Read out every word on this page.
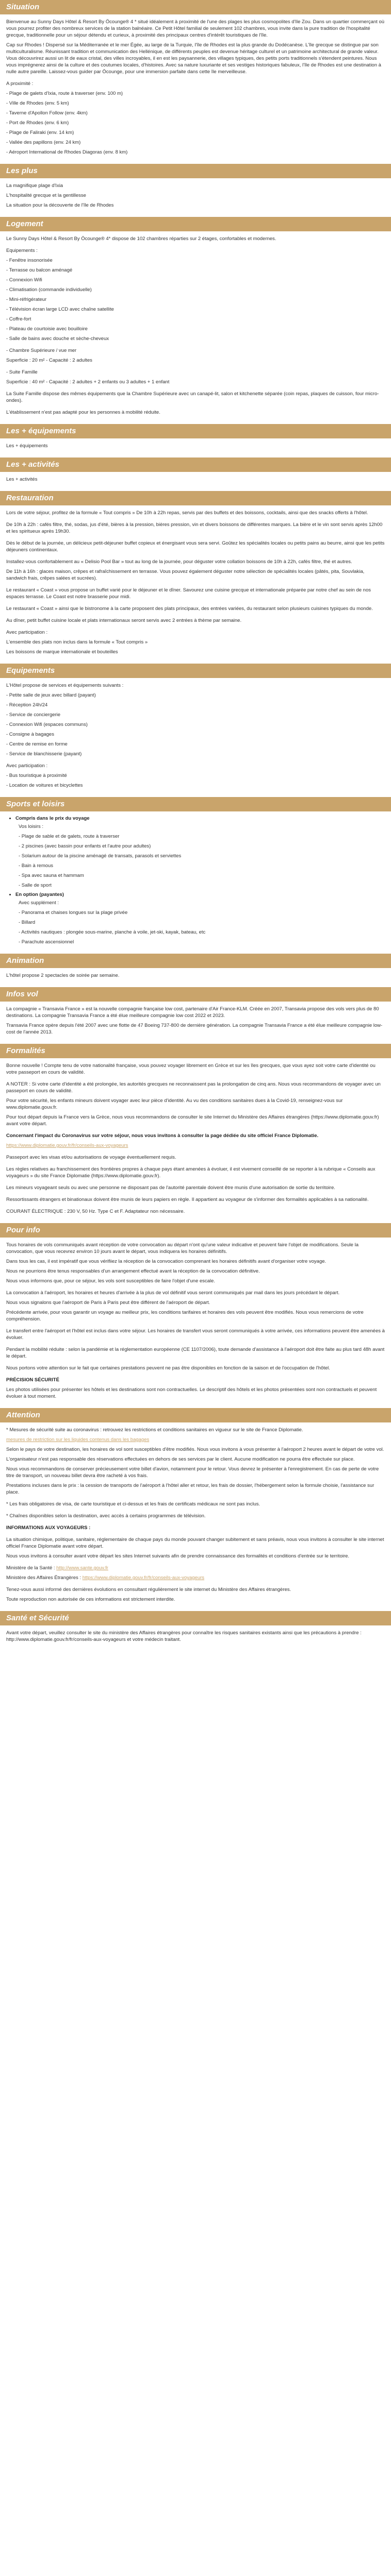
Situation

Bienvenue au Sunny Days Hôtel & Resort By Öcounge® 4 * situé idéalement à proximité de l'une des plages les plus cosmopolites d'Ile Zou. Dans un quartier commerçant où vous pourrez profiter des nombreux services de la station balnéaire. Ce Petit Hôtel familial de seulement 102 chambres, vous invite dans la pure tradition de l'hospitalité grecque, traditionnelle pour un séjour détendu et curieux, à proximité des principaux centres d'intérêt touristiques de l'île.

Cap sur Rhodes ! Dispersé sur la Méditerranée et le mer Égée, au large de la Turquie, l'île de Rhodes est la plus grande du Dodécanèse. L'île grecque se distingue par son multiculturalisme. Réunissant tradition et communication des Hellénique, de différents peuples est devenue héritage culturel et un patrimoine architectural de grande valeur. Vous découvrirez aussi un lit de eaux cristal, des villes incroyables, il en est les paysannerie, des villages typiques, des petits ports traditionnels s'étendent peintures. Nous vous imprégnerez ainsi de la culture et des coutumes locales, d'histoires. Avec sa nature luxuriante et ses vestiges historiques fabuleux, l'île de Rhodes est une destination à nulle autre pareille. Laissez-vous guider par Öcounge, pour une immersion parfaite dans cette île merveilleuse.

A proximité :

- Plage de galets d'Ixia, route à traverser (env. 100 m)

- Ville de Rhodes (env. 5 km)

- Taverne d'Apollon Follow (env. 4km)

- Port de Rhodes (env. 6 km)

- Plage de Faliraki (env. 14 km)

- Vallée des papillons (env. 24 km)

- Aéroport International de Rhodes Diagoras (env. 8 km)

Les plus

La magnifique plage d'Ixia

L'hospitalité grecque et la gentillesse

La situation pour la découverte de l'île de Rhodes

Logement

Le Sunny Days Hôtel & Resort By Öcounge® 4* dispose de 102 chambres réparties sur 2 étages, confortables et modernes.

Equipements :

- Fenêtre insonorisée

- Terrasse ou balcon aménagé

- Connexion Wifi

- Climatisation (commande individuelle)

- Mini-réfrigérateur

- Télévision écran large LCD avec chaîne satellite

- Coffre-fort

- Plateau de courtoisie avec bouilloire

- Salle de bains avec douche et sèche-cheveux

- Chambre Supérieure / vue mer

Superficie : 20 m² - Capacité : 2 adultes

- Suite Famille

Superficie : 40 m² - Capacité : 2 adultes + 2 enfants ou 3 adultes + 1 enfant

La Suite Famille dispose des mêmes équipements que la Chambre Supérieure avec un canapé-lit, salon et kitchenette séparée (coin repas, plaques de cuisson, four micro-ondes).

L'établissement n'est pas adapté pour les personnes à mobilité réduite.

Les + équipements

Les + équipements

Les + activités

Les + activités

Restauration

Lors de votre séjour, profitez de la formule « Tout compris » De 10h à 22h repas, servis par des buffets et des boissons, cocktails, ainsi que des snacks offerts à l'hôtel.

De 10h à 22h : cafés filtre, thé, sodas, jus d'été, bières à la pression, bières pression, vin et divers boissons de différentes marques. La bière et le vin sont servis après 12h00 et les spiritueux après 19h30.

Dès le début de la journée, un délicieux petit-déjeuner buffet copieux et énergisant vous sera servi. Goûtez les spécialités locales ou petits pains au beurre, ainsi que les petits déjeuners continentaux.

Installez-vous confortablement au « Delisio Pool Bar » tout au long de la journée, pour déguster votre collation boissons de 10h à 22h, cafés filtre, thé et autres.

De 11h à 16h : glaces maison, crêpes et rafraîchissement en terrasse. Vous pouvez également déguster notre sélection de spécialités locales (pâtés, pita, Souvlakia, sandwich frais, crêpes salées et sucrées).

Le restaurant « Coast » vous propose un buffet varié pour le déjeuner et le dîner. Savourez une cuisine grecque et internationale préparée par notre chef au sein de nos espaces terrasse. Le Coast est notre brasserie pour midi.

Le restaurant « Coast » ainsi que le bistronome à la carte proposent des plats principaux, des entrées variées, du restaurant selon plusieurs cuisines typiques du monde.

Au dîner, petit buffet cuisine locale et plats internationaux seront servis avec 2 entrées à thème par semaine.

Avec participation :

L'ensemble des plats non inclus dans la formule « Tout compris »

Les boissons de marque internationale et bouteilles

Equipements

L'Hôtel propose de services et équipements suivants :

- Petite salle de jeux avec billard (payant)

- Réception 24h/24

- Service de conciergerie

- Connexion Wifi (espaces communs)

- Consigne à bagages

- Centre de remise en forme

- Service de blanchisserie (payant)

Avec participation :

- Bus touristique à proximité

- Location de voitures et bicyclettes

Sports et loisirs
• Compris dans le prix du voyage

Vos loisirs :

- Plage de sable et de galets, route à traverser

- 2 piscines (avec bassin pour enfants et l'autre pour adultes)

- Solarium autour de la piscine aménagé de transats, parasols et serviettes

- Bain à remous

- Spa avec sauna et hammam

- Salle de sport

• En option (payantes)

Avec supplément :

- Panorama et chaises longues sur la plage privée

- Billard

- Activités nautiques : plongée sous-marine, planche à voile, jet-ski, kayak, bateau, etc

- Parachute ascensionnel

Animation

L'hôtel propose 2 spectacles de soirée par semaine.

Infos vol

La compagnie « Transavia France » est la nouvelle compagnie française low cost, partenaire d'Air France-KLM. Créée en 2007, Transavia propose des vols vers plus de 80 destinations. La compagnie Transavia France a été élue meilleure compagnie low cost 2022 et 2023.

Transavia France opère depuis l'été 2007 avec une flotte de 47 Boeing 737-800 de dernière génération. La compagnie Transavia France a été élue meilleure compagnie low-cost de l'année 2013.

Formalités

Bonne nouvelle ! Compte tenu de votre nationalité française, vous pouvez voyager librement en Grèce et sur les îles grecques, que vous ayez soit votre carte d'identité ou votre passeport en cours de validité.

A NOTER : Si votre carte d'identité a été prolongée, les autorités grecques ne reconnaissent pas la prolongation de cinq ans. Nous vous recommandons de voyager avec un passeport en cours de validité.

Pour votre sécurité, les enfants mineurs doivent voyager avec leur pièce d'identité. Au vu des conditions sanitaires dues à la Covid-19, renseignez-vous sur www.diplomatie.gouv.fr.

Pour tout départ depuis la France vers la Grèce, nous vous recommandons de consulter le site Internet du Ministère des Affaires étrangères (https://www.diplomatie.gouv.fr) avant votre départ.

Concernant l'impact du Coronavirus sur votre séjour, nous vous invitons à consulter la page dédiée du site officiel France Diplomatie.

https://www.diplomatie.gouv.fr/fr/conseils-aux-voyageurs

Passeport avec les visas et/ou autorisations de voyage éventuellement requis.

Les règles relatives au franchissement des frontières propres à chaque pays étant amenées à évoluer, il est vivement conseillé de se reporter à la rubrique « Conseils aux voyageurs » du site France Diplomatie (https://www.diplomatie.gouv.fr).

Les mineurs voyageant seuls ou avec une personne ne disposant pas de l'autorité parentale doivent être munis d'une autorisation de sortie du territoire.

Ressortissants étrangers et binationaux doivent être munis de leurs papiers en règle. Il appartient au voyageur de s'informer des formalités applicables à sa nationalité.

COURANT ÉLECTRIQUE : 230 V, 50 Hz. Type C et F. Adaptateur non nécessaire.

Pour info

Tous horaires de vols communiqués avant réception de votre convocation au départ n'ont qu'une valeur indicative et peuvent faire l'objet de modifications. Seule la convocation, que vous recevrez environ 10 jours avant le départ, vous indiquera les horaires définitifs.

Dans tous les cas, il est impératif que vous vérifiiez la réception de la convocation comprenant les horaires définitifs avant d'organiser votre voyage.

Nous ne pourrions être tenus responsables d'un arrangement effectué avant la réception de la convocation définitive.

Nous vous informons que, pour ce séjour, les vols sont susceptibles de faire l'objet d'une escale.

La convocation à l'aéroport, les horaires et heures d'arrivée à la plus de vol définitif vous seront communiqués par mail dans les jours précédant le départ.

Nous vous signalons que l'aéroport de Paris à Paris peut être différent de l'aéroport de départ.

Précédente arrivée, pour vous garantir un voyage au meilleur prix, les conditions tarifaires et horaires des vols peuvent être modifiés. Nous vous remercions de votre compréhension.

Le transfert entre l'aéroport et l'hôtel est inclus dans votre séjour. Les horaires de transfert vous seront communiqués à votre arrivée, ces informations peuvent être amenées à évoluer.

Pendant la mobilité réduite : selon la pandémie et la réglementation européenne (CE 1107/2006), toute demande d'assistance à l'aéroport doit être faite au plus tard 48h avant le départ.

Nous portons votre attention sur le fait que certaines prestations peuvent ne pas être disponibles en fonction de la saison et de l'occupation de l'hôtel.

PRÉCISION SÉCURITÉ

Les photos utilisées pour présenter les hôtels et les destinations sont non contractuelles. Le descriptif des hôtels et les photos présentées sont non contractuels et peuvent évoluer à tout moment.

Attention

* Mesures de sécurité suite au coronavirus : retrouvez les restrictions et conditions sanitaires en vigueur sur le site de France Diplomatie.

mesures de restriction sur les liquides contenus dans les bagages

Selon le pays de votre destination, les horaires de vol sont susceptibles d'être modifiés. Nous vous invitons à vous présenter à l'aéroport 2 heures avant le départ de votre vol.

L'organisateur n'est pas responsable des réservations effectuées en dehors de ses services par le client. Aucune modification ne pourra être effectuée sur place.

Nous vous recommandons de conserver précieusement votre billet d'avion, notamment pour le retour. Vous devrez le présenter à l'enregistrement. En cas de perte de votre titre de transport, un nouveau billet devra être racheté à vos frais.

Prestations incluses dans le prix : la cession de transports de l'aéroport à l'hôtel aller et retour, les frais de dossier, l'hébergement selon la formule choisie, l'assistance sur place.

* Les frais obligatoires de visa, de carte touristique et ci-dessus et les frais de certificats médicaux ne sont pas inclus.

* Chaînes disponibles selon la destination, avec accès à certains programmes de télévision.

INFORMATIONS AUX VOYAGEURS :

La situation chimique, politique, sanitaire, réglementaire de chaque pays du monde pouvant changer subitement et sans préavis, nous vous invitons à consulter le site internet officiel France Diplomatie avant votre départ.

Nous vous invitons à consulter avant votre départ les sites Internet suivants afin de prendre connaissance des formalités et conditions d'entrée sur le territoire.

Ministère de la Santé : http://www.sante.gouv.fr

Ministère des Affaires Étrangères : https://www.diplomatie.gouv.fr/fr/conseils-aux-voyageurs

Tenez-vous aussi informé des dernières évolutions en consultant régulièrement le site internet du Ministère des Affaires étrangères.

Toute reproduction non autorisée de ces informations est strictement interdite.

Santé et Sécurité

Avant votre départ, veuillez consulter le site du ministère des Affaires étrangères pour connaître les risques sanitaires existants ainsi que les précautions à prendre : http://www.diplomatie.gouv.fr/fr/conseils-aux-voyageurs et votre médecin traitant.
